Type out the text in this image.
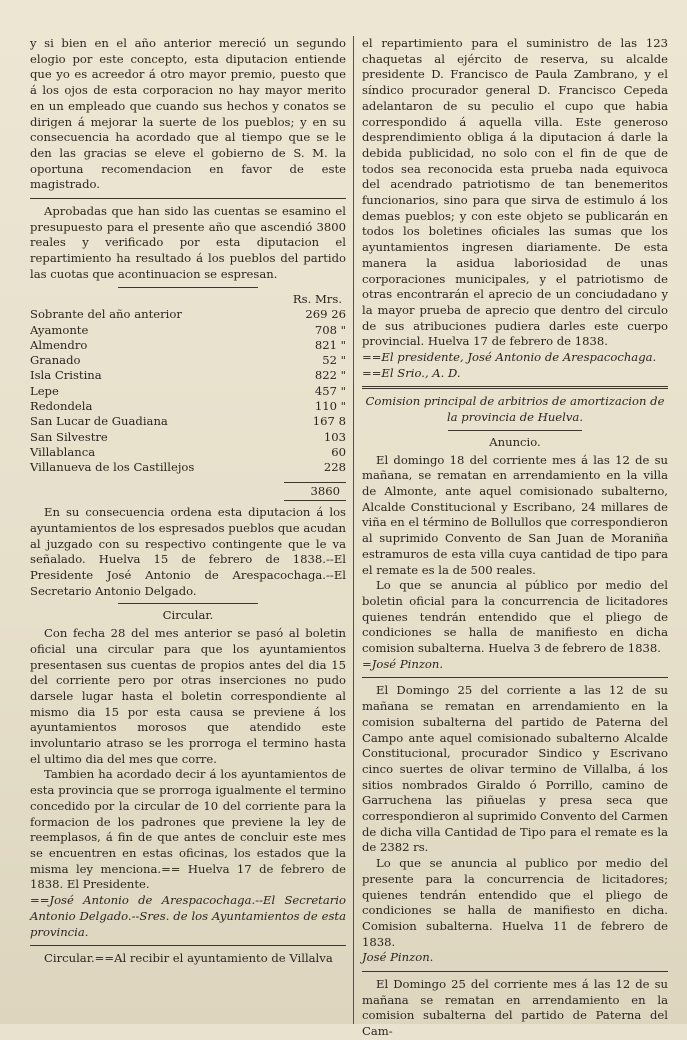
y si bien en el año anterior mereció un segundo elogio por este concepto, esta diputacion entiende que yo es acreedor á otro mayor premio, puesto que á los ojos de esta corporacion no hay mayor merito en un empleado que cuando sus hechos y conatos se dirigen á mejorar la suerte de los pueblos; y en su consecuencia ha acordado que al tiempo que se le den las gracias se eleve el gobierno de S. M. la oportuna recomendacion en favor de este magistrado.

Aprobadas que han sido las cuentas se esamino el presupuesto para el presente año que ascendió 3800 reales y verificado por esta diputacion el repartimiento ha resultado á los pueblos del partido las cuotas que acontinuacion se espresan.

Rs. Mrs.
Sobrante del año anterior	269 26
Ayamonte	708 "
Almendro	821 "
Granado	52 "
Isla Cristina	822 "
Lepe	457 "
Redondela	110 "
San Lucar de Guadiana	167 8
San Silvestre	103
Villablanca	60
Villanueva de los Castillejos	228
3860

En su consecuencia ordena esta diputacion á los ayuntamientos de los espresados pueblos que acudan al juzgado con su respectivo contingente que le va señalado. Huelva 15 de febrero de 1838.--El Presidente José Antonio de Arespacochaga.--El Secretario Antonio Delgado.

Circular.

Con fecha 28 del mes anterior se pasó al boletin oficial una circular para que los ayuntamientos presentasen sus cuentas de propios antes del dia 15 del corriente pero por otras inserciones no pudo darsele lugar hasta el boletin correspondiente al mismo dia 15 por esta causa se previene á los ayuntamientos morosos que atendido este involuntario atraso se les prorroga el termino hasta el ultimo dia del mes que corre.

Tambien ha acordado decir á los ayuntamientos de esta provincia que se prorroga igualmente el termino concedido por la circular de 10 del corriente para la formacion de los padrones que previene la ley de reemplasos, á fin de que antes de concluir este mes se encuentren en estas oficinas, los estados que la misma ley menciona.== Huelva 17 de febrero de 1838. El Presidente.

==José Antonio de Arespacochaga.--El Secretario Antonio Delgado.--Sres. de los Ayuntamientos de esta provincia.

Circular.==Al recibir el ayuntamiento de Villalva

el repartimiento para el suministro de las 123 chaquetas al ejército de reserva, su alcalde presidente D. Francisco de Paula Zambrano, y el síndico procurador general D. Francisco Cepeda adelantaron de su peculio el cupo que habia correspondido á aquella villa. Este generoso desprendimiento obliga á la diputacion á darle la debida publicidad, no solo con el fin de que de todos sea reconocida esta prueba nada equivoca del acendrado patriotismo de tan benemeritos funcionarios, sino para que sirva de estimulo á los demas pueblos; y con este objeto se publicarán en todos los boletines oficiales las sumas que los ayuntamientos ingresen diariamente. De esta manera la asidua laboriosidad de unas corporaciones municipales, y el patriotismo de otras encontrarán el aprecio de un conciudadano y la mayor prueba de aprecio que dentro del circulo de sus atribuciones pudiera darles este cuerpo provincial. Huelva 17 de febrero de 1838.

==El presidente, José Antonio de Arespacochaga.

==El Srio., A. D.

Comision principal de arbitrios de amortizacion de la provincia de Huelva.

Anuncio.

El domingo 18 del corriente mes á las 12 de su mañana, se rematan en arrendamiento en la villa de Almonte, ante aquel comisionado subalterno, Alcalde Constitucional y Escribano, 24 millares de viña en el término de Bollullos que correspondieron al suprimido Convento de San Juan de Moraniña estramuros de esta villa cuya cantidad de tipo para el remate es la de 500 reales.

Lo que se anuncia al público por medio del boletin oficial para la concurrencia de licitadores quienes tendrán entendido que el pliego de condiciones se halla de manifiesto en dicha comision subalterna. Huelva 3 de febrero de 1838.

=José Pinzon.

El Domingo 25 del corriente a las 12 de su mañana se rematan en arrendamiento en la comision subalterna del partido de Paterna del Campo ante aquel comisionado subalterno Alcalde Constitucional, procurador Sindico y Escrivano cinco suertes de olivar termino de Villalba, á los sitios nombrados Giraldo ó Porrillo, camino de Garruchena las piñuelas y presa seca que correspondieron al suprimido Convento del Carmen de dicha villa Cantidad de Tipo para el remate es la de 2382 rs.

Lo que se anuncia al publico por medio del presente para la concurrencia de licitadores; quienes tendrán entendido que el pliego de condiciones se halla de manifiesto en dicha. Comision subalterna. Huelva 11 de febrero de 1838.

José Pinzon.

El Domingo 25 del corriente mes á las 12 de su mañana se rematan en arrendamiento en la comision subalterna del partido de Paterna del Cam-
